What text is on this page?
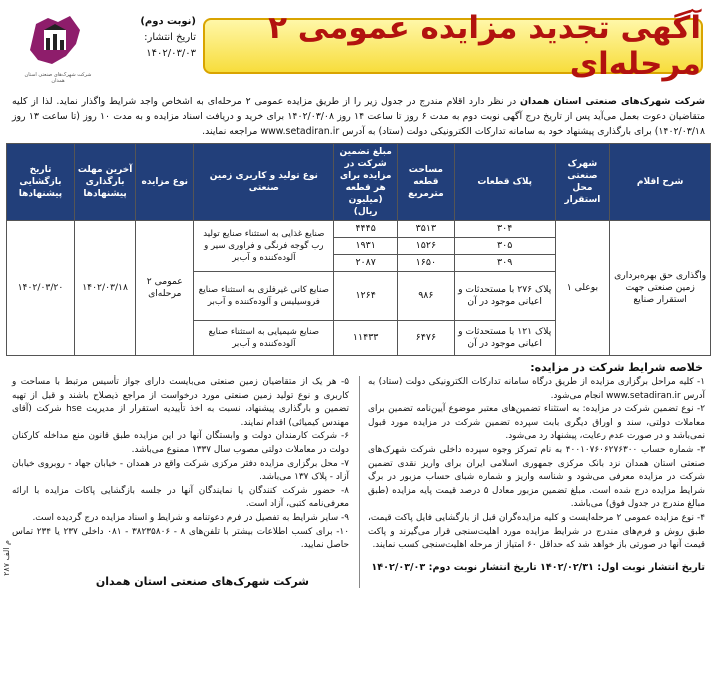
آگهی تجدید مزایده عمومی ۲ مرحله‌ای
شرکت شهرک‌های صنعتی استان همدان
(نوبت دوم)
تاریخ انتشار:
۱۴۰۲/۰۳/۰۳
شرکت شهرک‌های صنعتی استان همدان در نظر دارد اقلام مندرج در جدول زیر را از طریق مزایده عمومی ۲ مرحله‌ای به اشخاص واجد شرایط واگذار نماید. لذا از کلیه متقاضیان دعوت بعمل می‌آید پس از تاریخ درج آگهی نوبت دوم به مدت ۶ روز تا ساعت ۱۴ روز ۱۴۰۲/۰۳/۰۸ برای خرید و دریافت اسناد مزایده و به مدت ۱۰ روز (تا ساعت ۱۳ روز ۱۴۰۲/۰۳/۱۸) برای بارگذاری پیشنهاد خود به سامانه تدارکات الکترونیکی دولت (ستاد) به آدرس www.setadiran.ir مراجعه نمایند.
شرح اقلام	شهرک صنعتی محل استقرار	پلاک قطعات	مساحت قطعه مترمربع	مبلغ تضمین شرکت در مزایده برای هر قطعه (میلیون ریال)	نوع تولید و کاربری زمین صنعتی	نوع مزایده	آخرین مهلت بارگذاری پیشنهادها	تاریخ بازگشایی پیشنهادها
واگذاری حق بهره‌برداری زمین صنعتی جهت استقرار صنایع	بوعلی ۱	۳۰۴	۳۵۱۳	۴۴۴۵	صنایع غذایی به استثناء صنایع تولید رب گوجه فرنگی و فراوری سیر و آلوده‌کننده و آب‌بر	عمومی ۲ مرحله‌ای	۱۴۰۲/۰۳/۱۸	۱۴۰۲/۰۳/۲۰
		۳۰۵	۱۵۲۶	۱۹۳۱				
		۳۰۹	۱۶۵۰	۲۰۸۷				
		پلاک ۲۷۶ با مستحدثات و اعیانی موجود در آن	۹۸۶	۱۲۶۴	صنایع کانی غیرفلزی به استثناء صنایع فروسیلیس و آلوده‌کننده و آب‌بر			
		پلاک ۱۲۱ با مستحدثات و اعیانی موجود در آن	۶۴۷۶	۱۱۴۳۳	صنایع شیمیایی به استثناء صنایع آلوده‌کننده و آب‌بر			
خلاصه شرایط شرکت در مزایده:

۱- کلیه مراحل برگزاری مزایده از طریق درگاه سامانه تدارکات الکترونیکی دولت (ستاد) به آدرس www.setadiran.ir انجام می‌شود.

۲- نوع تضمین شرکت در مزایده: به استثناء تضمین‌های معتبر موضوع آیین‌نامه تضمین برای معاملات دولتی، سند و اوراق دیگری بابت سپرده تضمین شرکت در مزایده مورد قبول نمی‌باشد و در صورت عدم رعایت، پیشنهاد رد می‌شود.

۳- شماره حساب ۴۰۰۱۰۷۶۰۶۲۷۶۳۰۰ به نام تمرکز وجوه سپرده داخلی شرکت شهرک‌های صنعتی استان همدان نزد بانک مرکزی جمهوری اسلامی ایران برای واریز نقدی تضمین شرکت در مزایده معرفی می‌شود و شناسه واریز و شماره شبای حساب مزبور در برگ شرایط مزایده درج شده است. مبلغ تضمین مزبور معادل ۵ درصد قیمت پایه مزایده (طبق مبالغ مندرج در جدول فوق) می‌باشد.

۴- نوع مزایده عمومی ۲ مرحله‌ایست و کلیه مزایده‌گران قبل از بارگشایی فایل پاکت قیمت، طبق روش و فرم‌های مندرج در شرایط مزایده مورد اهلیت‌سنجی قرار می‌گیرند و پاکت قیمت آنها در صورتی باز خواهد شد که حداقل ۶۰ امتیاز از مرحله اهلیت‌سنجی کسب نمایند.

تاریخ انتشار نوبت اول: ۱۴۰۲/۰۲/۳۱ تاریخ انتشار نوبت دوم: ۱۴۰۲/۰۳/۰۳

۵- هر یک از متقاضیان زمین صنعتی می‌بایست دارای جواز تأسیس مرتبط با مساحت و کاربری و نوع تولید زمین صنعتی مورد درخواست از مراجع ذیصلاح باشند و قبل از تهیه تضمین و بارگذاری پیشنهاد، نسبت به اخذ تأییدیه استقرار از مدیریت hse شرکت (آقای مهندس کیمیائی) اقدام نمایند.

۶- شرکت کارمندان دولت و وابستگان آنها در این مزایده طبق قانون منع مداخله کارکنان دولت در معاملات دولتی مصوب سال ۱۳۳۷ ممنوع می‌باشد.

۷- محل برگزاری مزایده دفتر مرکزی شرکت واقع در همدان - خیابان جهاد - روبروی خیابان آزاد - پلاک ۱۳۷ می‌باشد.

۸- حضور شرکت کنندگان یا نمایندگان آنها در جلسه بازگشایی پاکات مزایده با ارائه معرفی‌نامه کتبی، آزاد است.

۹- سایر شرایط به تفصیل در فرم دعوتنامه و شرایط و اسناد مزایده درج گردیده است.

۱۰- برای کسب اطلاعات بیشتر با تلفن‌های ۸ - ۳۸۲۳۵۸۰۶ - ۰۸۱ داخلی ۲۳۷ یا ۲۳۴ تماس حاصل نمایید.

شرکت شهرک‌های صنعتی استان همدان
م الف ۲۸۷
